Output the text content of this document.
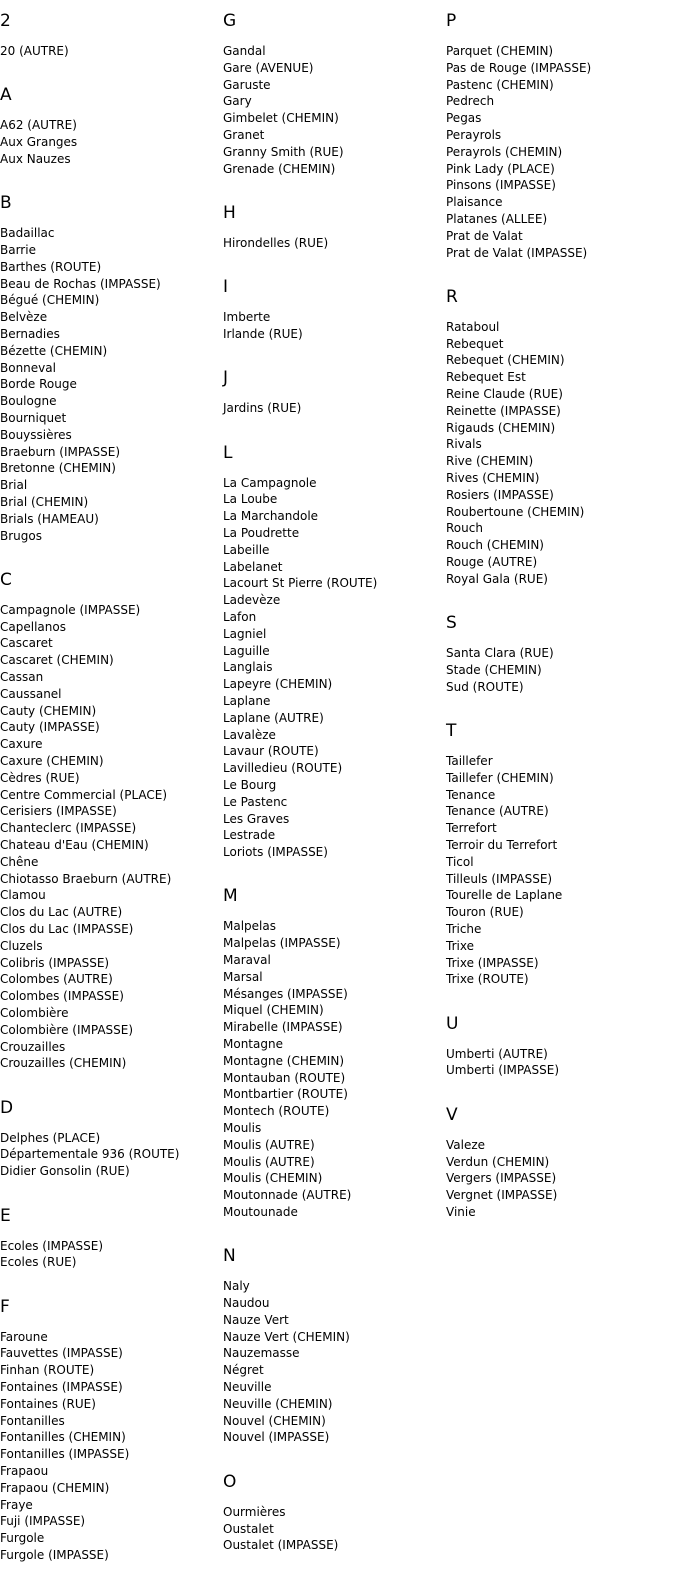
2
20 (AUTRE)
A
A62 (AUTRE)
Aux Granges
Aux Nauzes
B
Badaillac
Barrie
Barthes (ROUTE)
Beau de Rochas (IMPASSE)
Bégué (CHEMIN)
Belvèze
Bernadies
Bézette (CHEMIN)
Bonneval
Borde Rouge
Boulogne
Bourniquet
Bouyssières
Braeburn (IMPASSE)
Bretonne (CHEMIN)
Brial
Brial (CHEMIN)
Brials (HAMEAU)
Brugos
C
Campagnole (IMPASSE)
Capellanos
Cascaret
Cascaret (CHEMIN)
Cassan
Caussanel
Cauty (CHEMIN)
Cauty (IMPASSE)
Caxure
Caxure (CHEMIN)
Cèdres (RUE)
Centre Commercial (PLACE)
Cerisiers (IMPASSE)
Chanteclerc (IMPASSE)
Chateau d'Eau (CHEMIN)
Chêne
Chiotasso Braeburn (AUTRE)
Clamou
Clos du Lac (AUTRE)
Clos du Lac (IMPASSE)
Cluzels
Colibris (IMPASSE)
Colombes (AUTRE)
Colombes (IMPASSE)
Colombière
Colombière (IMPASSE)
Crouzailles
Crouzailles (CHEMIN)
D
Delphes (PLACE)
Départementale 936 (ROUTE)
Didier Gonsolin (RUE)
E
Ecoles (IMPASSE)
Ecoles (RUE)
F
Faroune
Fauvettes (IMPASSE)
Finhan (ROUTE)
Fontaines (IMPASSE)
Fontaines (RUE)
Fontanilles
Fontanilles (CHEMIN)
Fontanilles (IMPASSE)
Frapaou
Frapaou (CHEMIN)
Fraye
Fuji (IMPASSE)
Furgole
Furgole (IMPASSE)
G
Gandal
Gare (AVENUE)
Garuste
Gary
Gimbelet (CHEMIN)
Granet
Granny Smith (RUE)
Grenade (CHEMIN)
H
Hirondelles (RUE)
I
Imberte
Irlande (RUE)
J
Jardins (RUE)
L
La Campagnole
La Loube
La Marchandole
La Poudrette
Labeille
Labelanet
Lacourt St Pierre (ROUTE)
Ladevèze
Lafon
Lagniel
Laguille
Langlais
Lapeyre (CHEMIN)
Laplane
Laplane (AUTRE)
Lavalèze
Lavaur (ROUTE)
Lavilledieu (ROUTE)
Le Bourg
Le Pastenc
Les Graves
Lestrade
Loriots (IMPASSE)
M
Malpelas
Malpelas (IMPASSE)
Maraval
Marsal
Mésanges (IMPASSE)
Miquel (CHEMIN)
Mirabelle (IMPASSE)
Montagne
Montagne (CHEMIN)
Montauban (ROUTE)
Montbartier (ROUTE)
Montech (ROUTE)
Moulis
Moulis (AUTRE)
Moulis (AUTRE)
Moulis (CHEMIN)
Moutonnade (AUTRE)
Moutounade
N
Naly
Naudou
Nauze Vert
Nauze Vert (CHEMIN)
Nauzemasse
Négret
Neuville
Neuville (CHEMIN)
Nouvel (CHEMIN)
Nouvel (IMPASSE)
O
Ourmières
Oustalet
Oustalet (IMPASSE)
P
Parquet (CHEMIN)
Pas de Rouge (IMPASSE)
Pastenc (CHEMIN)
Pedrech
Pegas
Perayrols
Perayrols (CHEMIN)
Pink Lady (PLACE)
Pinsons (IMPASSE)
Plaisance
Platanes (ALLEE)
Prat de Valat
Prat de Valat (IMPASSE)
R
Rataboul
Rebequet
Rebequet (CHEMIN)
Rebequet Est
Reine Claude (RUE)
Reinette (IMPASSE)
Rigauds (CHEMIN)
Rivals
Rive (CHEMIN)
Rives (CHEMIN)
Rosiers (IMPASSE)
Roubertoune (CHEMIN)
Rouch
Rouch (CHEMIN)
Rouge (AUTRE)
Royal Gala (RUE)
S
Santa Clara (RUE)
Stade (CHEMIN)
Sud (ROUTE)
T
Taillefer
Taillefer (CHEMIN)
Tenance
Tenance (AUTRE)
Terrefort
Terroir du Terrefort
Ticol
Tilleuls (IMPASSE)
Tourelle de Laplane
Touron (RUE)
Triche
Trixe
Trixe (IMPASSE)
Trixe (ROUTE)
U
Umberti (AUTRE)
Umberti (IMPASSE)
V
Valeze
Verdun (CHEMIN)
Vergers (IMPASSE)
Vergnet (IMPASSE)
Vinie
